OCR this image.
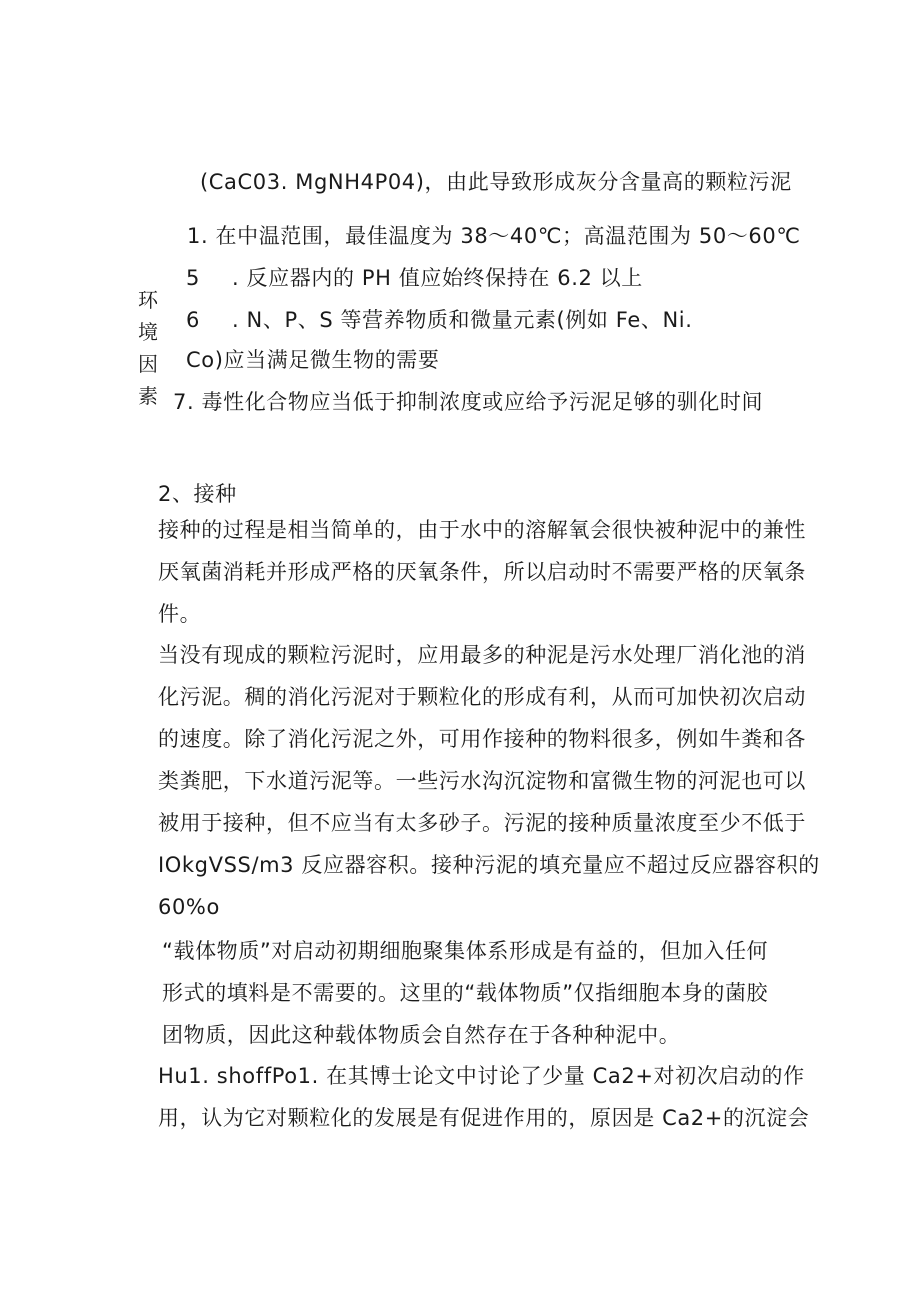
(CaC03. MgNH4P04)，由此导致形成灰分含量高的颗粒污泥
1. 在中温范围，最佳温度为 38～40℃；高温范围为 50～60℃
5 . 反应器内的 PH 值应始终保持在 6.2 以上
6 . N、P、S 等营养物质和微量元素(例如 Fe、Ni.
Co)应当满足微生物的需要
7. 毒性化合物应当低于抑制浓度或应给予污泥足够的驯化时间
环
境
因
素
2、接种
接种的过程是相当简单的，由于水中的溶解氧会很快被种泥中的兼性
厌氧菌消耗并形成严格的厌氧条件，所以启动时不需要严格的厌氧条
件。
当没有现成的颗粒污泥时，应用最多的种泥是污水处理厂消化池的消
化污泥。稠的消化污泥对于颗粒化的形成有利，从而可加快初次启动
的速度。除了消化污泥之外，可用作接种的物料很多，例如牛粪和各
类粪肥，下水道污泥等。一些污水沟沉淀物和富微生物的河泥也可以
被用于接种，但不应当有太多砂子。污泥的接种质量浓度至少不低于
IOkgVSS/m3 反应器容积。接种污泥的填充量应不超过反应器容积的
60%o
“载体物质”对启动初期细胞聚集体系形成是有益的，但加入任何
形式的填料是不需要的。这里的“载体物质”仅指细胞本身的菌胶
团物质，因此这种载体物质会自然存在于各种种泥中。
Hu1. shoffPo1. 在其博士论文中讨论了少量 Ca2+对初次启动的作
用，认为它对颗粒化的发展是有促进作用的，原因是 Ca2+的沉淀会
